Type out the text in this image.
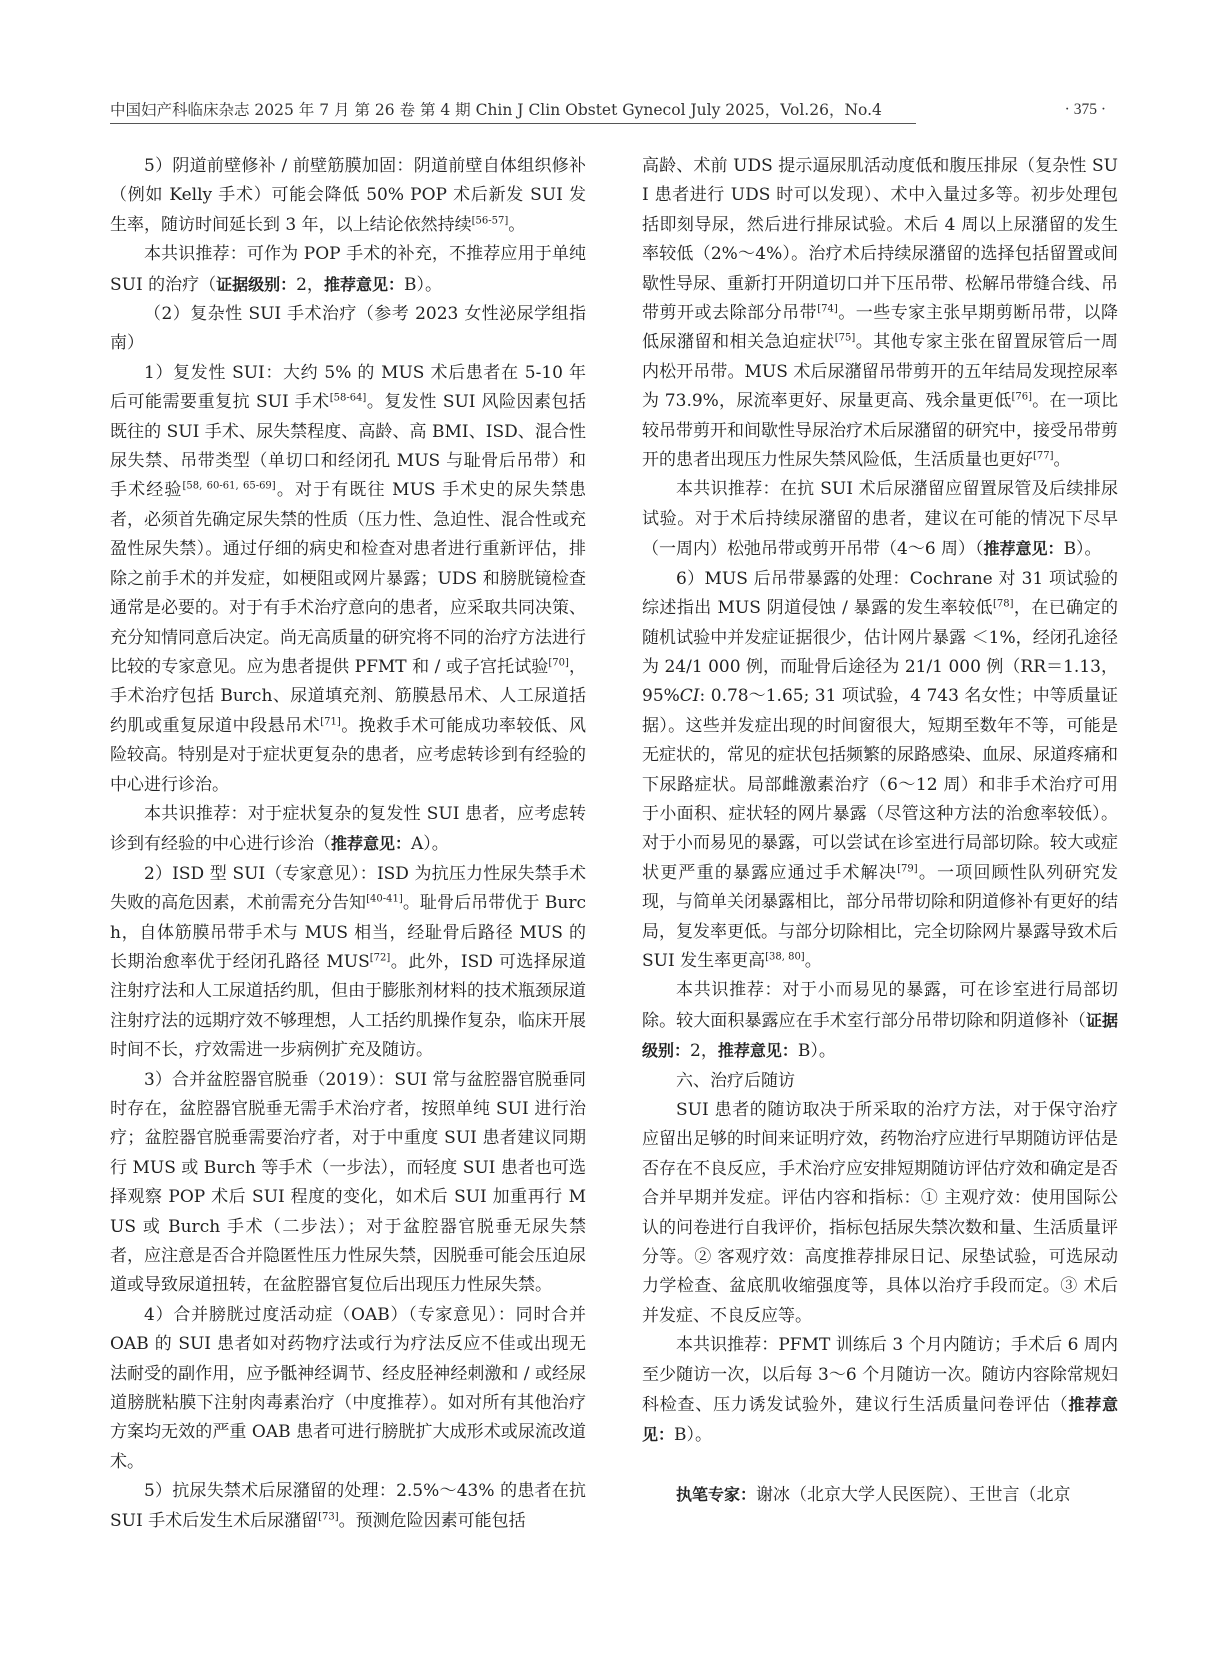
中国妇产科临床杂志 2025 年 7 月 第 26 卷 第 4 期 Chin J Clin Obstet Gynecol July 2025，Vol.26，No.4	· 375 ·

5）阴道前壁修补 / 前壁筋膜加固：阴道前壁自体组织修补（例如 Kelly 手术）可能会降低 50% POP 术后新发 SUI 发生率，随访时间延长到 3 年，以上结论依然持续[56-57]。

本共识推荐：可作为 POP 手术的补充，不推荐应用于单纯 SUI 的治疗（证据级别：2，推荐意见：B）。

（2）复杂性 SUI 手术治疗（参考 2023 女性泌尿学组指南）

1）复发性 SUI：大约 5% 的 MUS 术后患者在 5-10 年后可能需要重复抗 SUI 手术[58-64]。复发性 SUI 风险因素包括既往的 SUI 手术、尿失禁程度、高龄、高 BMI、ISD、混合性尿失禁、吊带类型（单切口和经闭孔 MUS 与耻骨后吊带）和手术经验[58, 60-61, 65-69]。对于有既往 MUS 手术史的尿失禁患者，必须首先确定尿失禁的性质（压力性、急迫性、混合性或充盈性尿失禁）。通过仔细的病史和检查对患者进行重新评估，排除之前手术的并发症，如梗阻或网片暴露；UDS 和膀胱镜检查通常是必要的。对于有手术治疗意向的患者，应采取共同决策、充分知情同意后决定。尚无高质量的研究将不同的治疗方法进行比较的专家意见。应为患者提供 PFMT 和 / 或子宫托试验[70]，手术治疗包括 Burch、尿道填充剂、筋膜悬吊术、人工尿道括约肌或重复尿道中段悬吊术[71]。挽救手术可能成功率较低、风险较高。特别是对于症状更复杂的患者，应考虑转诊到有经验的中心进行诊治。

本共识推荐：对于症状复杂的复发性 SUI 患者，应考虑转诊到有经验的中心进行诊治（推荐意见：A）。

2）ISD 型 SUI（专家意见）：ISD 为抗压力性尿失禁手术失败的高危因素，术前需充分告知[40-41]。耻骨后吊带优于 Burch，自体筋膜吊带手术与 MUS 相当，经耻骨后路径 MUS 的长期治愈率优于经闭孔路径 MUS[72]。此外，ISD 可选择尿道注射疗法和人工尿道括约肌，但由于膨胀剂材料的技术瓶颈尿道注射疗法的远期疗效不够理想，人工括约肌操作复杂，临床开展时间不长，疗效需进一步病例扩充及随访。

3）合并盆腔器官脱垂（2019）：SUI 常与盆腔器官脱垂同时存在，盆腔器官脱垂无需手术治疗者，按照单纯 SUI 进行治疗；盆腔器官脱垂需要治疗者，对于中重度 SUI 患者建议同期行 MUS 或 Burch 等手术（一步法），而轻度 SUI 患者也可选择观察 POP 术后 SUI 程度的变化，如术后 SUI 加重再行 MUS 或 Burch 手术（二步法）；对于盆腔器官脱垂无尿失禁者，应注意是否合并隐匿性压力性尿失禁，因脱垂可能会压迫尿道或导致尿道扭转，在盆腔器官复位后出现压力性尿失禁。

4）合并膀胱过度活动症（OAB）（专家意见）：同时合并 OAB 的 SUI 患者如对药物疗法或行为疗法反应不佳或出现无法耐受的副作用，应予骶神经调节、经皮胫神经刺激和 / 或经尿道膀胱粘膜下注射肉毒素治疗（中度推荐）。如对所有其他治疗方案均无效的严重 OAB 患者可进行膀胱扩大成形术或尿流改道术。

5）抗尿失禁术后尿潴留的处理：2.5%～43% 的患者在抗 SUI 手术后发生术后尿潴留[73]。预测危险因素可能包括

高龄、术前 UDS 提示逼尿肌活动度低和腹压排尿（复杂性 SUI 患者进行 UDS 时可以发现）、术中入量过多等。初步处理包括即刻导尿，然后进行排尿试验。术后 4 周以上尿潴留的发生率较低（2%～4%）。治疗术后持续尿潴留的选择包括留置或间歇性导尿、重新打开阴道切口并下压吊带、松解吊带缝合线、吊带剪开或去除部分吊带[74]。一些专家主张早期剪断吊带，以降低尿潴留和相关急迫症状[75]。其他专家主张在留置尿管后一周内松开吊带。MUS 术后尿潴留吊带剪开的五年结局发现控尿率为 73.9%，尿流率更好、尿量更高、残余量更低[76]。在一项比较吊带剪开和间歇性导尿治疗术后尿潴留的研究中，接受吊带剪开的患者出现压力性尿失禁风险低，生活质量也更好[77]。

本共识推荐：在抗 SUI 术后尿潴留应留置尿管及后续排尿试验。对于术后持续尿潴留的患者，建议在可能的情况下尽早（一周内）松弛吊带或剪开吊带（4～6 周）（推荐意见：B）。

6）MUS 后吊带暴露的处理：Cochrane 对 31 项试验的综述指出 MUS 阴道侵蚀 / 暴露的发生率较低[78]，在已确定的随机试验中并发症证据很少，估计网片暴露 ＜1%，经闭孔途径为 24/1 000 例，而耻骨后途径为 21/1 000 例（RR＝1.13，95%CI: 0.78～1.65; 31 项试验，4 743 名女性；中等质量证据）。这些并发症出现的时间窗很大，短期至数年不等，可能是无症状的，常见的症状包括频繁的尿路感染、血尿、尿道疼痛和下尿路症状。局部雌激素治疗（6～12 周）和非手术治疗可用于小面积、症状轻的网片暴露（尽管这种方法的治愈率较低）。对于小而易见的暴露，可以尝试在诊室进行局部切除。较大或症状更严重的暴露应通过手术解决[79]。一项回顾性队列研究发现，与简单关闭暴露相比，部分吊带切除和阴道修补有更好的结局，复发率更低。与部分切除相比，完全切除网片暴露导致术后 SUI 发生率更高[38, 80]。

本共识推荐：对于小而易见的暴露，可在诊室进行局部切除。较大面积暴露应在手术室行部分吊带切除和阴道修补（证据级别：2，推荐意见：B）。

六、治疗后随访

SUI 患者的随访取决于所采取的治疗方法，对于保守治疗应留出足够的时间来证明疗效，药物治疗应进行早期随访评估是否存在不良反应，手术治疗应安排短期随访评估疗效和确定是否合并早期并发症。评估内容和指标：① 主观疗效：使用国际公认的问卷进行自我评价，指标包括尿失禁次数和量、生活质量评分等。② 客观疗效：高度推荐排尿日记、尿垫试验，可选尿动力学检查、盆底肌收缩强度等，具体以治疗手段而定。③ 术后并发症、不良反应等。

本共识推荐：PFMT 训练后 3 个月内随访；手术后 6 周内至少随访一次，以后每 3～6 个月随访一次。随访内容除常规妇科检查、压力诱发试验外，建议行生活质量问卷评估（推荐意见：B）。

执笔专家：谢冰（北京大学人民医院）、王世言（北京
